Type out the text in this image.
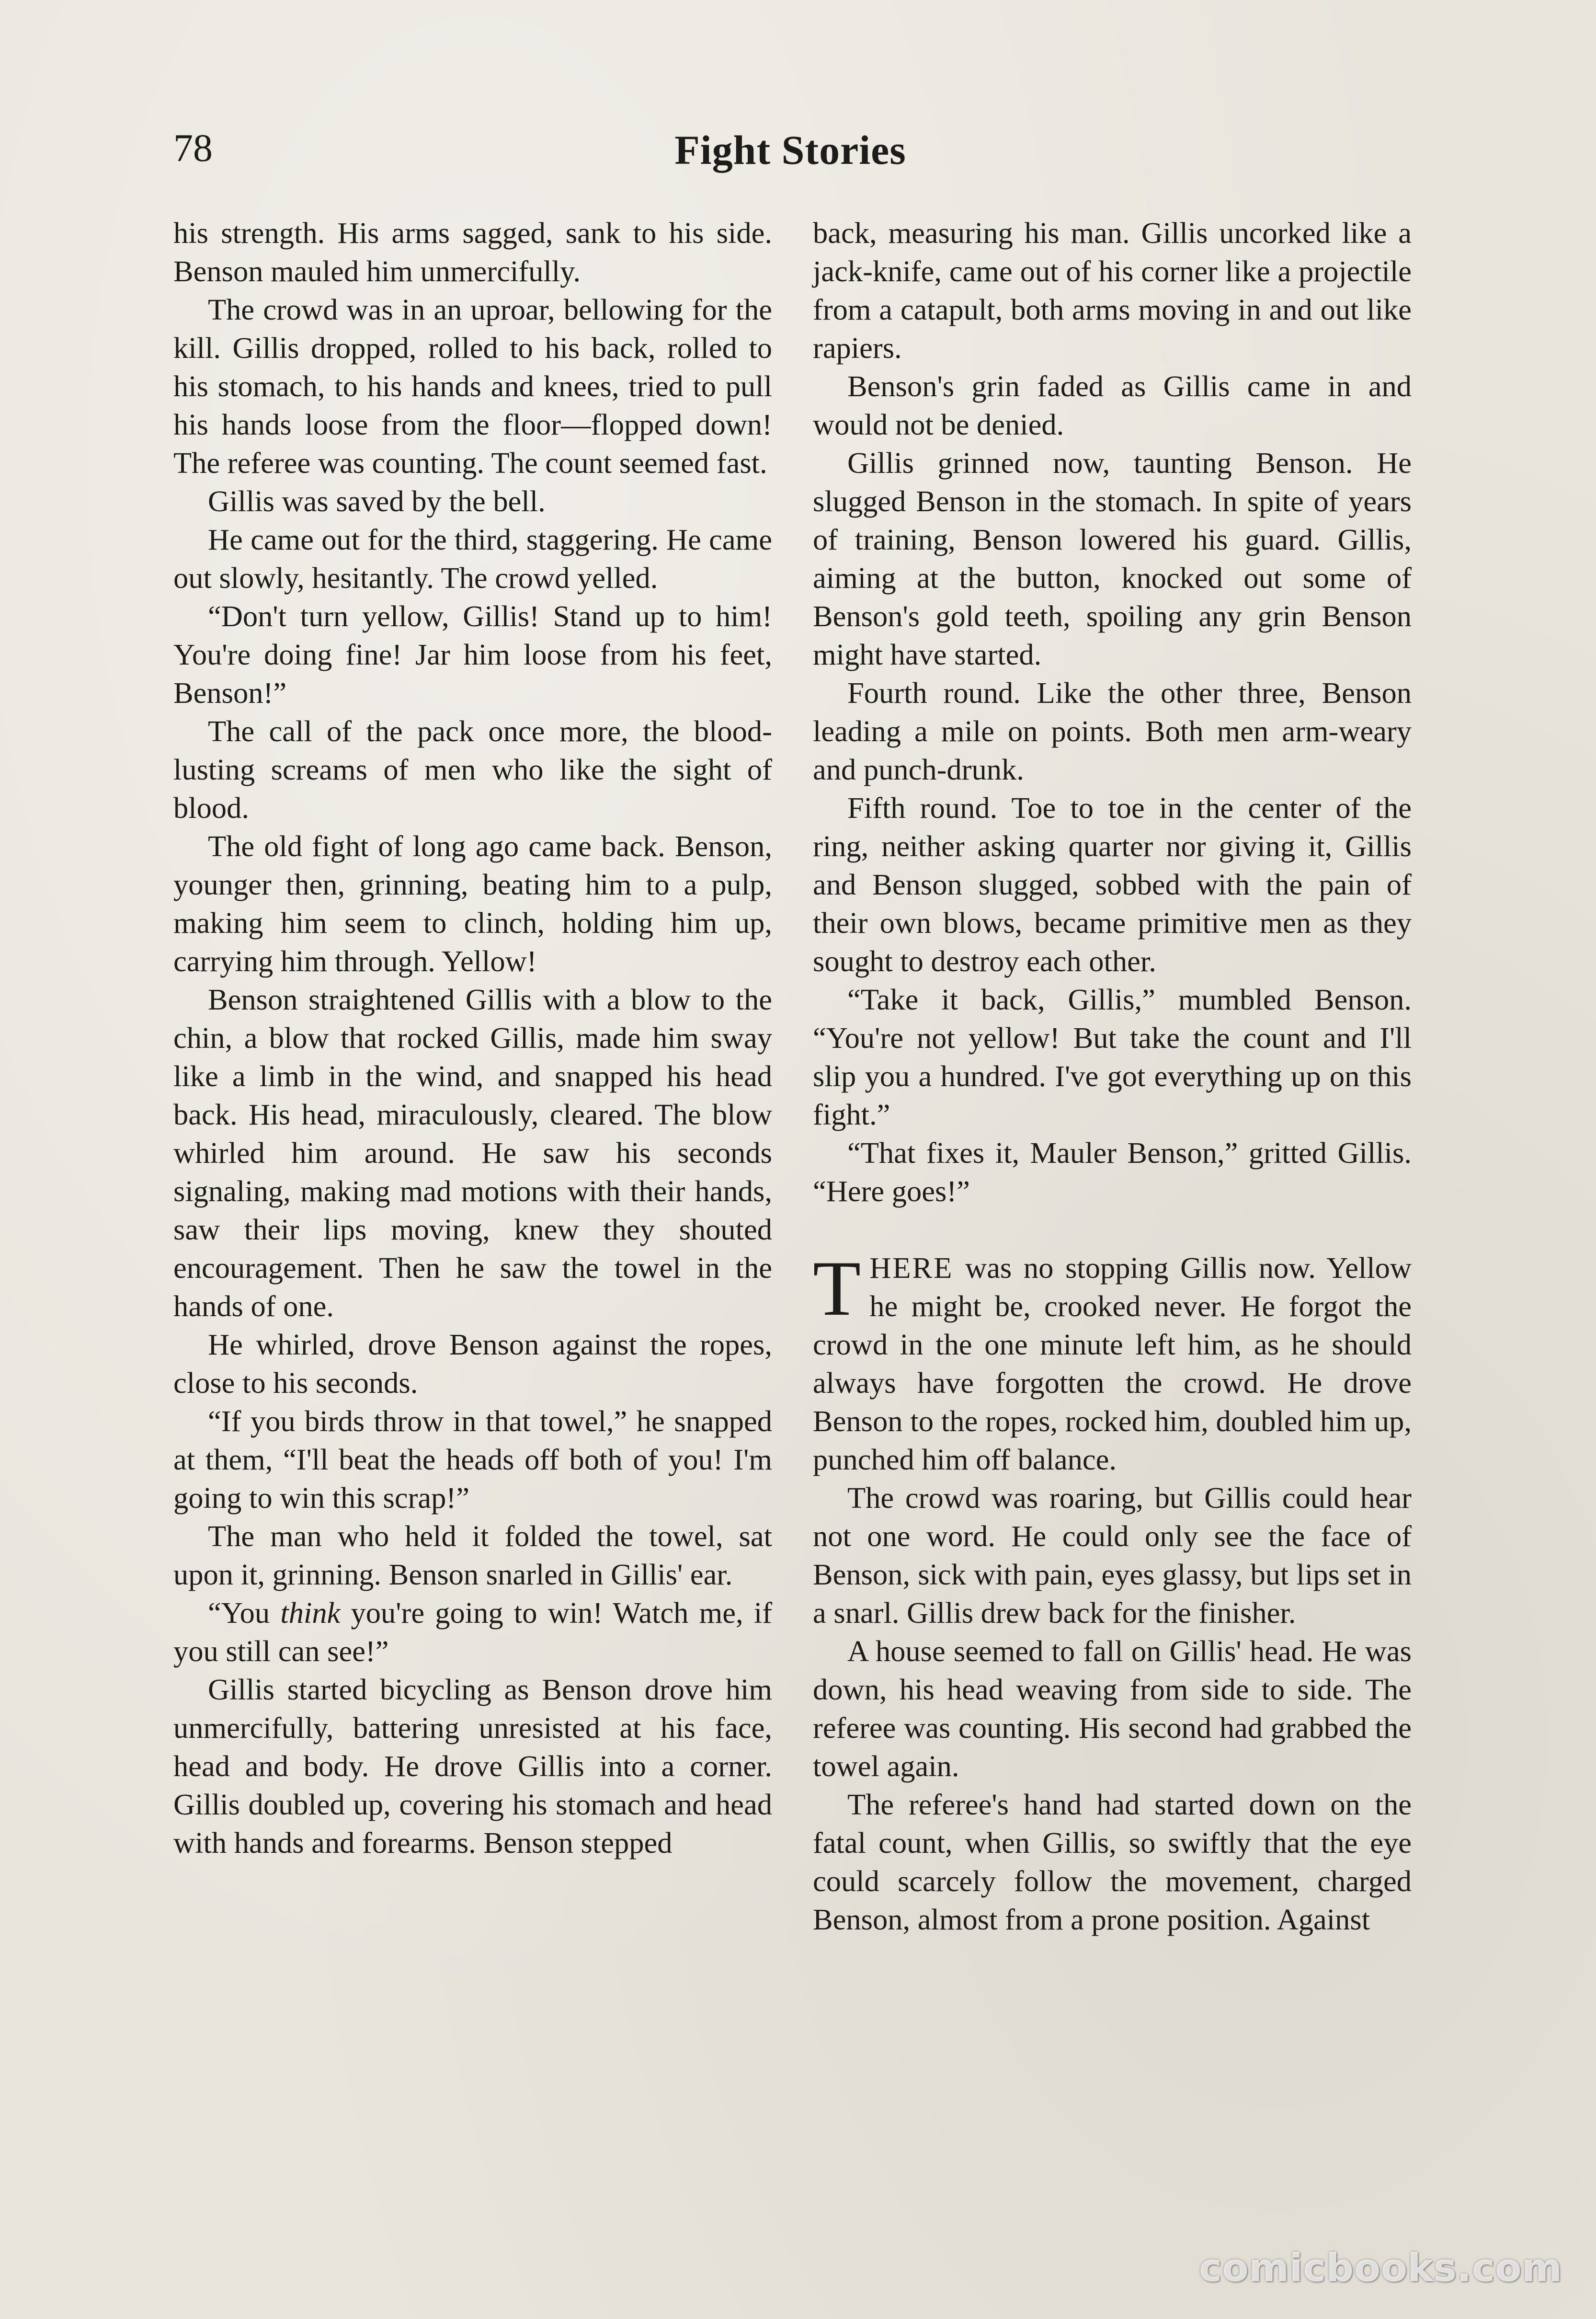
78	Fight Stories

his strength. His arms sagged, sank to his side. Benson mauled him unmercifully.

The crowd was in an uproar, bellowing for the kill. Gillis dropped, rolled to his back, rolled to his stomach, to his hands and knees, tried to pull his hands loose from the floor—flopped down! The referee was counting. The count seemed fast.

Gillis was saved by the bell.

He came out for the third, staggering. He came out slowly, hesitantly. The crowd yelled.

“Don't turn yellow, Gillis! Stand up to him! You're doing fine! Jar him loose from his feet, Benson!”

The call of the pack once more, the blood-lusting screams of men who like the sight of blood.

The old fight of long ago came back. Benson, younger then, grinning, beating him to a pulp, making him seem to clinch, holding him up, carrying him through. Yellow!

Benson straightened Gillis with a blow to the chin, a blow that rocked Gillis, made him sway like a limb in the wind, and snapped his head back. His head, miraculously, cleared. The blow whirled him around. He saw his seconds signaling, making mad motions with their hands, saw their lips moving, knew they shouted encouragement. Then he saw the towel in the hands of one.

He whirled, drove Benson against the ropes, close to his seconds.

“If you birds throw in that towel,” he snapped at them, “I'll beat the heads off both of you! I'm going to win this scrap!”

The man who held it folded the towel, sat upon it, grinning. Benson snarled in Gillis' ear.

“You think you're going to win! Watch me, if you still can see!”

Gillis started bicycling as Benson drove him unmercifully, battering unresisted at his face, head and body. He drove Gillis into a corner. Gillis doubled up, covering his stomach and head with hands and forearms. Benson stepped

back, measuring his man. Gillis uncorked like a jack-knife, came out of his corner like a projectile from a catapult, both arms moving in and out like rapiers.

Benson's grin faded as Gillis came in and would not be denied.

Gillis grinned now, taunting Benson. He slugged Benson in the stomach. In spite of years of training, Benson lowered his guard. Gillis, aiming at the button, knocked out some of Benson's gold teeth, spoiling any grin Benson might have started.

Fourth round. Like the other three, Benson leading a mile on points. Both men arm-weary and punch-drunk.

Fifth round. Toe to toe in the center of the ring, neither asking quarter nor giving it, Gillis and Benson slugged, sobbed with the pain of their own blows, became primitive men as they sought to destroy each other.

“Take it back, Gillis,” mumbled Benson. “You're not yellow! But take the count and I'll slip you a hundred. I've got everything up on this fight.”

“That fixes it, Mauler Benson,” gritted Gillis. “Here goes!”

THERE was no stopping Gillis now. Yellow he might be, crooked never. He forgot the crowd in the one minute left him, as he should always have forgotten the crowd. He drove Benson to the ropes, rocked him, doubled him up, punched him off balance.

The crowd was roaring, but Gillis could hear not one word. He could only see the face of Benson, sick with pain, eyes glassy, but lips set in a snarl. Gillis drew back for the finisher.

A house seemed to fall on Gillis' head. He was down, his head weaving from side to side. The referee was counting. His second had grabbed the towel again.

The referee's hand had started down on the fatal count, when Gillis, so swiftly that the eye could scarcely follow the movement, charged Benson, almost from a prone position. Against

comicbooks.com
